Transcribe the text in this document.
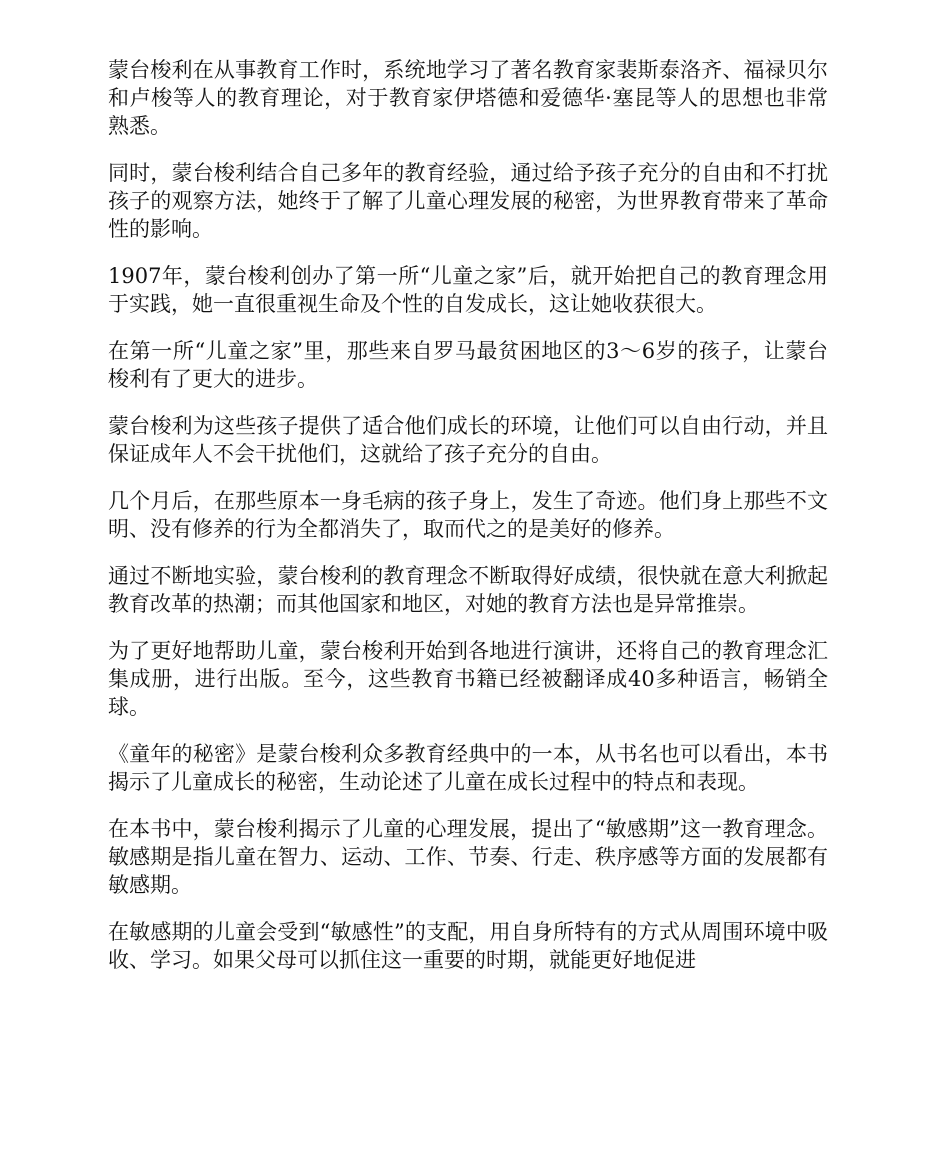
蒙台梭利在从事教育工作时，系统地学习了著名教育家裴斯泰洛齐、福禄贝尔和卢梭等人的教育理论，对于教育家伊塔德和爱德华·塞昆等人的思想也非常熟悉。

同时，蒙台梭利结合自己多年的教育经验，通过给予孩子充分的自由和不打扰孩子的观察方法，她终于了解了儿童心理发展的秘密，为世界教育带来了革命性的影响。

1907年，蒙台梭利创办了第一所“儿童之家”后，就开始把自己的教育理念用于实践，她一直很重视生命及个性的自发成长，这让她收获很大。

在第一所“儿童之家”里，那些来自罗马最贫困地区的3～6岁的孩子，让蒙台梭利有了更大的进步。

蒙台梭利为这些孩子提供了适合他们成长的环境，让他们可以自由行动，并且保证成年人不会干扰他们，这就给了孩子充分的自由。

几个月后，在那些原本一身毛病的孩子身上，发生了奇迹。他们身上那些不文明、没有修养的行为全都消失了，取而代之的是美好的修养。

通过不断地实验，蒙台梭利的教育理念不断取得好成绩，很快就在意大利掀起教育改革的热潮；而其他国家和地区，对她的教育方法也是异常推崇。

为了更好地帮助儿童，蒙台梭利开始到各地进行演讲，还将自己的教育理念汇集成册，进行出版。至今，这些教育书籍已经被翻译成40多种语言，畅销全球。

《童年的秘密》是蒙台梭利众多教育经典中的一本，从书名也可以看出，本书揭示了儿童成长的秘密，生动论述了儿童在成长过程中的特点和表现。

在本书中，蒙台梭利揭示了儿童的心理发展，提出了“敏感期”这一教育理念。敏感期是指儿童在智力、运动、工作、节奏、行走、秩序感等方面的发展都有敏感期。

在敏感期的儿童会受到“敏感性”的支配，用自身所特有的方式从周围环境中吸收、学习。如果父母可以抓住这一重要的时期，就能更好地促进
